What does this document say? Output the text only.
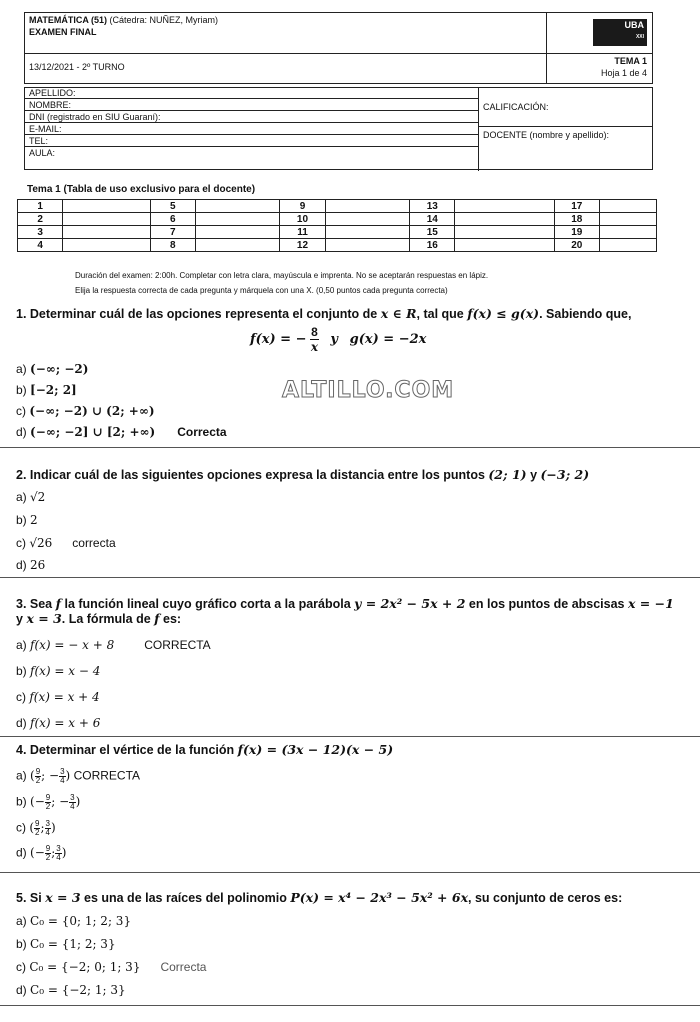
MATEMÁTICA (51) (Cátedra: NUÑEZ, Myriam)
EXAMEN FINAL
13/12/2021 - 2º TURNO
UBA
XXI
TEMA 1
Hoja 1 de 4
APELLIDO:
NOMBRE:
DNI (registrado en SIU Guaraní):
E-MAIL:
TEL:
AULA:
CALIFICACIÓN:
DOCENTE (nombre y apellido):
Tema 1 (Tabla de uso exclusivo para el docente)
1		5		9		13		17	
2		6		10		14		18	
3		7		11		15		19	
4		8		12		16		20	
Duración del examen: 2:00h. Completar con letra clara, mayúscula e imprenta. No se aceptarán respuestas en lápiz.
Elija la respuesta correcta de cada pregunta y márquela con una X. (0,50 puntos cada pregunta correcta)
1. Determinar cuál de las opciones representa el conjunto de x ∈ R, tal que f(x) ≤ g(x). Sabiendo que,
f(x) = − $\frac{8}{x}$ y g(x) = −2x
a) (−∞; −2)
b) [−2; 2]
c) (−∞; −2) ∪ (2; +∞)
d) (−∞; −2] ∪ [2; +∞) Correcta
ALTILLO.COM
2. Indicar cuál de las siguientes opciones expresa la distancia entre los puntos (2; 1) y (−3; 2)
a) √2
b) 2
c) √26 correcta
d) 26
3. Sea f la función lineal cuyo gráfico corta a la parábola y = 2x² − 5x + 2 en los puntos de abscisas x = −1
y x = 3. La fórmula de f es:
a) f(x) = − x + 8	CORRECTA
b) f(x) = x − 4
c) f(x) = x + 4
d) f(x) = x + 6
4. Determinar el vértice de la función f(x) = (3x − 12)(x − 5)
a) ( $\frac{9}{2}$ ; − $\frac{3}{4}$ ) CORRECTA
b) (− $\frac{9}{2}$ ; − $\frac{3}{4}$ )
c) ( $\frac{9}{2}$ ; $\frac{3}{4}$ )
d) (− $\frac{9}{2}$ ; $\frac{3}{4}$ )
5. Si x = 3 es una de las raíces del polinomio P(x) = x⁴ − 2x³ − 5x² + 6x, su conjunto de ceros es:
a) C₀ = {0; 1; 2; 3}
b) C₀ = {1; 2; 3}
c) C₀ = {−2; 0; 1; 3} Correcta
d) C₀ = {−2; 1; 3}
